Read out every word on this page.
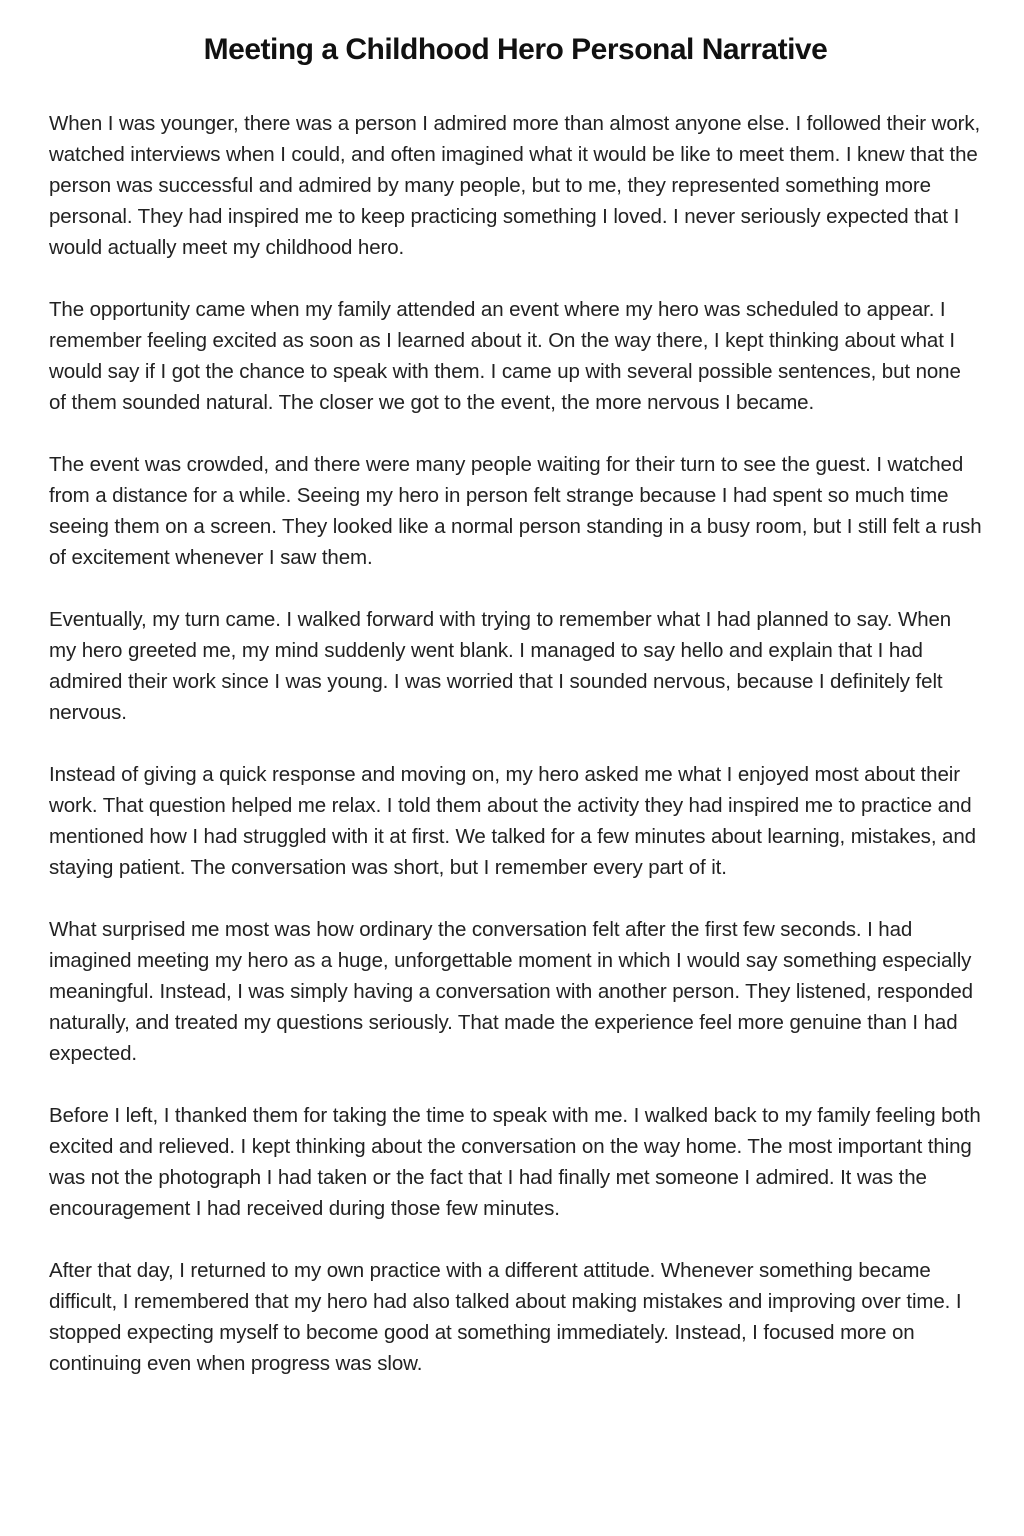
Meeting a Childhood Hero Personal Narrative

When I was younger, there was a person I admired more than almost anyone else. I followed their work, watched interviews when I could, and often imagined what it would be like to meet them. I knew that the person was successful and admired by many people, but to me, they represented something more personal. They had inspired me to keep practicing something I loved. I never seriously expected that I would actually meet my childhood hero.

The opportunity came when my family attended an event where my hero was scheduled to appear. I remember feeling excited as soon as I learned about it. On the way there, I kept thinking about what I would say if I got the chance to speak with them. I came up with several possible sentences, but none of them sounded natural. The closer we got to the event, the more nervous I became.

The event was crowded, and there were many people waiting for their turn to see the guest. I watched from a distance for a while. Seeing my hero in person felt strange because I had spent so much time seeing them on a screen. They looked like a normal person standing in a busy room, but I still felt a rush of excitement whenever I saw them.

Eventually, my turn came. I walked forward with trying to remember what I had planned to say. When my hero greeted me, my mind suddenly went blank. I managed to say hello and explain that I had admired their work since I was young. I was worried that I sounded nervous, because I definitely felt nervous.

Instead of giving a quick response and moving on, my hero asked me what I enjoyed most about their work. That question helped me relax. I told them about the activity they had inspired me to practice and mentioned how I had struggled with it at first. We talked for a few minutes about learning, mistakes, and staying patient. The conversation was short, but I remember every part of it.

What surprised me most was how ordinary the conversation felt after the first few seconds. I had imagined meeting my hero as a huge, unforgettable moment in which I would say something especially meaningful. Instead, I was simply having a conversation with another person. They listened, responded naturally, and treated my questions seriously. That made the experience feel more genuine than I had expected.

Before I left, I thanked them for taking the time to speak with me. I walked back to my family feeling both excited and relieved. I kept thinking about the conversation on the way home. The most important thing was not the photograph I had taken or the fact that I had finally met someone I admired. It was the encouragement I had received during those few minutes.

After that day, I returned to my own practice with a different attitude. Whenever something became difficult, I remembered that my hero had also talked about making mistakes and improving over time. I stopped expecting myself to become good at something immediately. Instead, I focused more on continuing even when progress was slow.
